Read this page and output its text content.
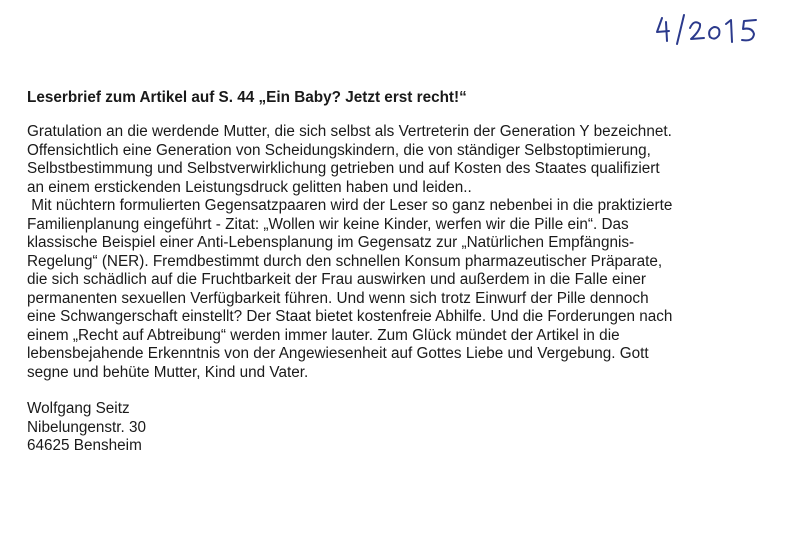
Leserbrief zum Artikel auf S. 44 „Ein Baby? Jetzt erst recht!“

Gratulation an die werdende Mutter, die sich selbst als Vertreterin der Generation Y bezeichnet.
Offensichtlich eine Generation von Scheidungskindern, die von ständiger Selbstoptimierung,
Selbstbestimmung und Selbstverwirklichung getrieben und auf Kosten des Staates qualifiziert
an einem erstickenden Leistungsdruck gelitten haben und leiden..
Mit nüchtern formulierten Gegensatzpaaren wird der Leser so ganz nebenbei in die praktizierte
Familienplanung eingeführt - Zitat: „Wollen wir keine Kinder, werfen wir die Pille ein“. Das
klassische Beispiel einer Anti-Lebensplanung im Gegensatz zur „Natürlichen Empfängnis-
Regelung“ (NER). Fremdbestimmt durch den schnellen Konsum pharmazeutischer Präparate,
die sich schädlich auf die Fruchtbarkeit der Frau auswirken und außerdem in die Falle einer
permanenten sexuellen Verfügbarkeit führen. Und wenn sich trotz Einwurf der Pille dennoch
eine Schwangerschaft einstellt? Der Staat bietet kostenfreie Abhilfe. Und die Forderungen nach
einem „Recht auf Abtreibung“ werden immer lauter. Zum Glück mündet der Artikel in die
lebensbejahende Erkenntnis von der Angewiesenheit auf Gottes Liebe und Vergebung. Gott
segne und behüte Mutter, Kind und Vater.

Wolfgang Seitz
Nibelungenstr. 30
64625 Bensheim
